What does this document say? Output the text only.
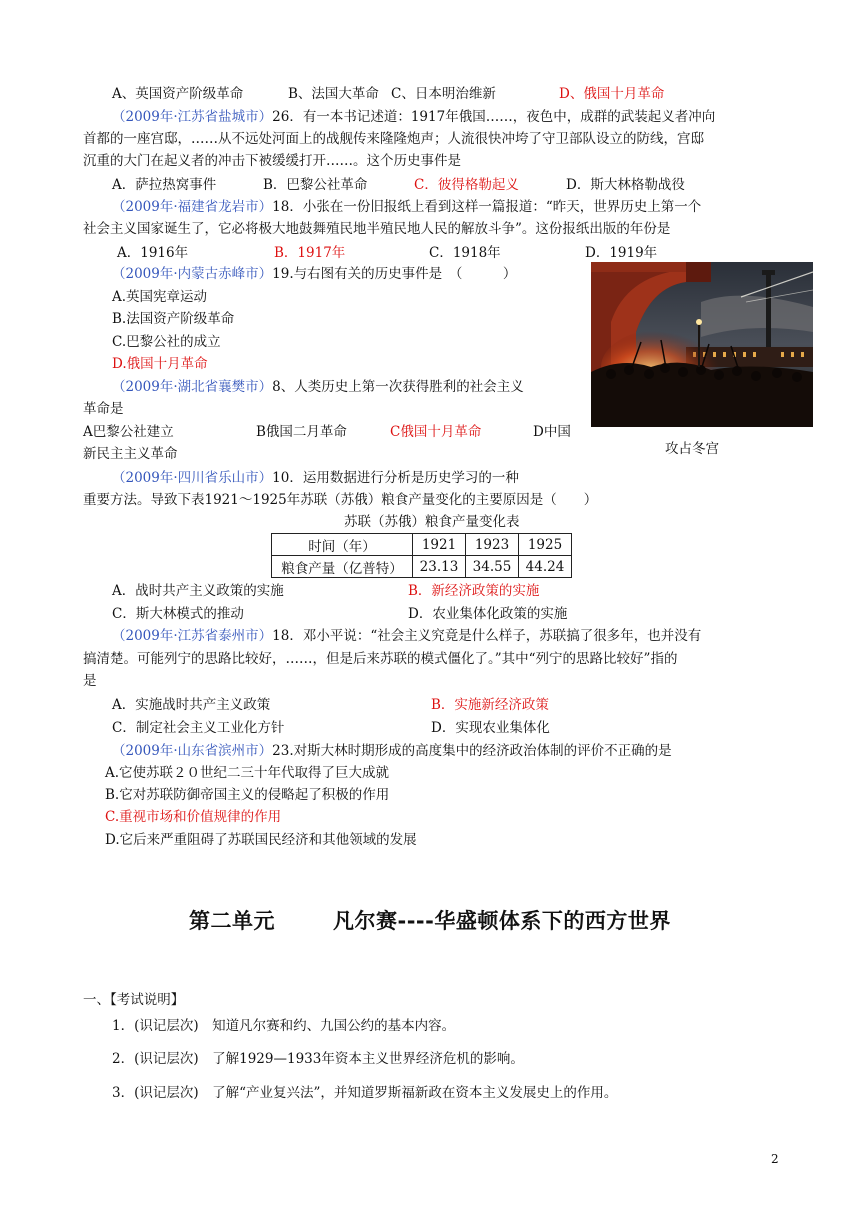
A、英国资产阶级革命	B、法国大革命 C、日本明治维新	D、俄国十月革命
（2009年·江苏省盐城市）26．有一本书记述道：1917年俄国……，夜色中，成群的武装起义者冲向
首都的一座宫邸，……从不远处河面上的战舰传来隆隆炮声；人流很快冲垮了守卫部队设立的防线，宫邸
沉重的大门在起义者的冲击下被缓缓打开……。这个历史事件是
A．萨拉热窝事件	B．巴黎公社革命	C．彼得格勒起义	D．斯大林格勒战役
（2009年·福建省龙岩市）18．小张在一份旧报纸上看到这样一篇报道：“昨天，世界历史上第一个
社会主义国家诞生了，它必将极大地鼓舞殖民地半殖民地人民的解放斗争”。这份报纸出版的年份是
A．1916年	B．1917年	C．1918年	D．1919年
（2009年·内蒙古赤峰市）19.与右图有关的历史事件是　（　　　）
A.英国宪章运动
B.法国资产阶级革命
C.巴黎公社的成立
D.俄国十月革命
攻占冬宫
（2009年·湖北省襄樊市）8、人类历史上第一次获得胜利的社会主义
革命是
A巴黎公社建立	B俄国二月革命	C俄国十月革命	D中国
新民主主义革命
（2009年·四川省乐山市）10．运用数据进行分析是历史学习的一种
重要方法。导致下表1921～1925年苏联（苏俄）粮食产量变化的主要原因是（　　）
苏联（苏俄）粮食产量变化表
时间（年）	1921	1923	1925
粮食产量（亿普特）	23.13	34.55	44.24
A．战时共产主义政策的实施	B．新经济政策的实施
C．斯大林模式的推动	D．农业集体化政策的实施
（2009年·江苏省泰州市）18．邓小平说：“社会主义究竟是什么样子，苏联搞了很多年，也并没有
搞清楚。可能列宁的思路比较好，……，但是后来苏联的模式僵化了。”其中“列宁的思路比较好”指的
是
A．实施战时共产主义政策	B．实施新经济政策
C．制定社会主义工业化方针	D．实现农业集体化
（2009年·山东省滨州市）23.对斯大林时期形成的高度集中的经济政治体制的评价不正确的是
A.它使苏联２０世纪二三十年代取得了巨大成就
B.它对苏联防御帝国主义的侵略起了积极的作用
C.重视市场和价值规律的作用
D.它后来严重阻碍了苏联国民经济和其他领域的发展
第二单元	凡尔赛----华盛顿体系下的西方世界
一、【考试说明】
1．(识记层次)　知道凡尔赛和约、九国公约的基本内容。
2．(识记层次)　了解1929—1933年资本主义世界经济危机的影响。
3．(识记层次)　了解“产业复兴法”，并知道罗斯福新政在资本主义发展史上的作用。
2
